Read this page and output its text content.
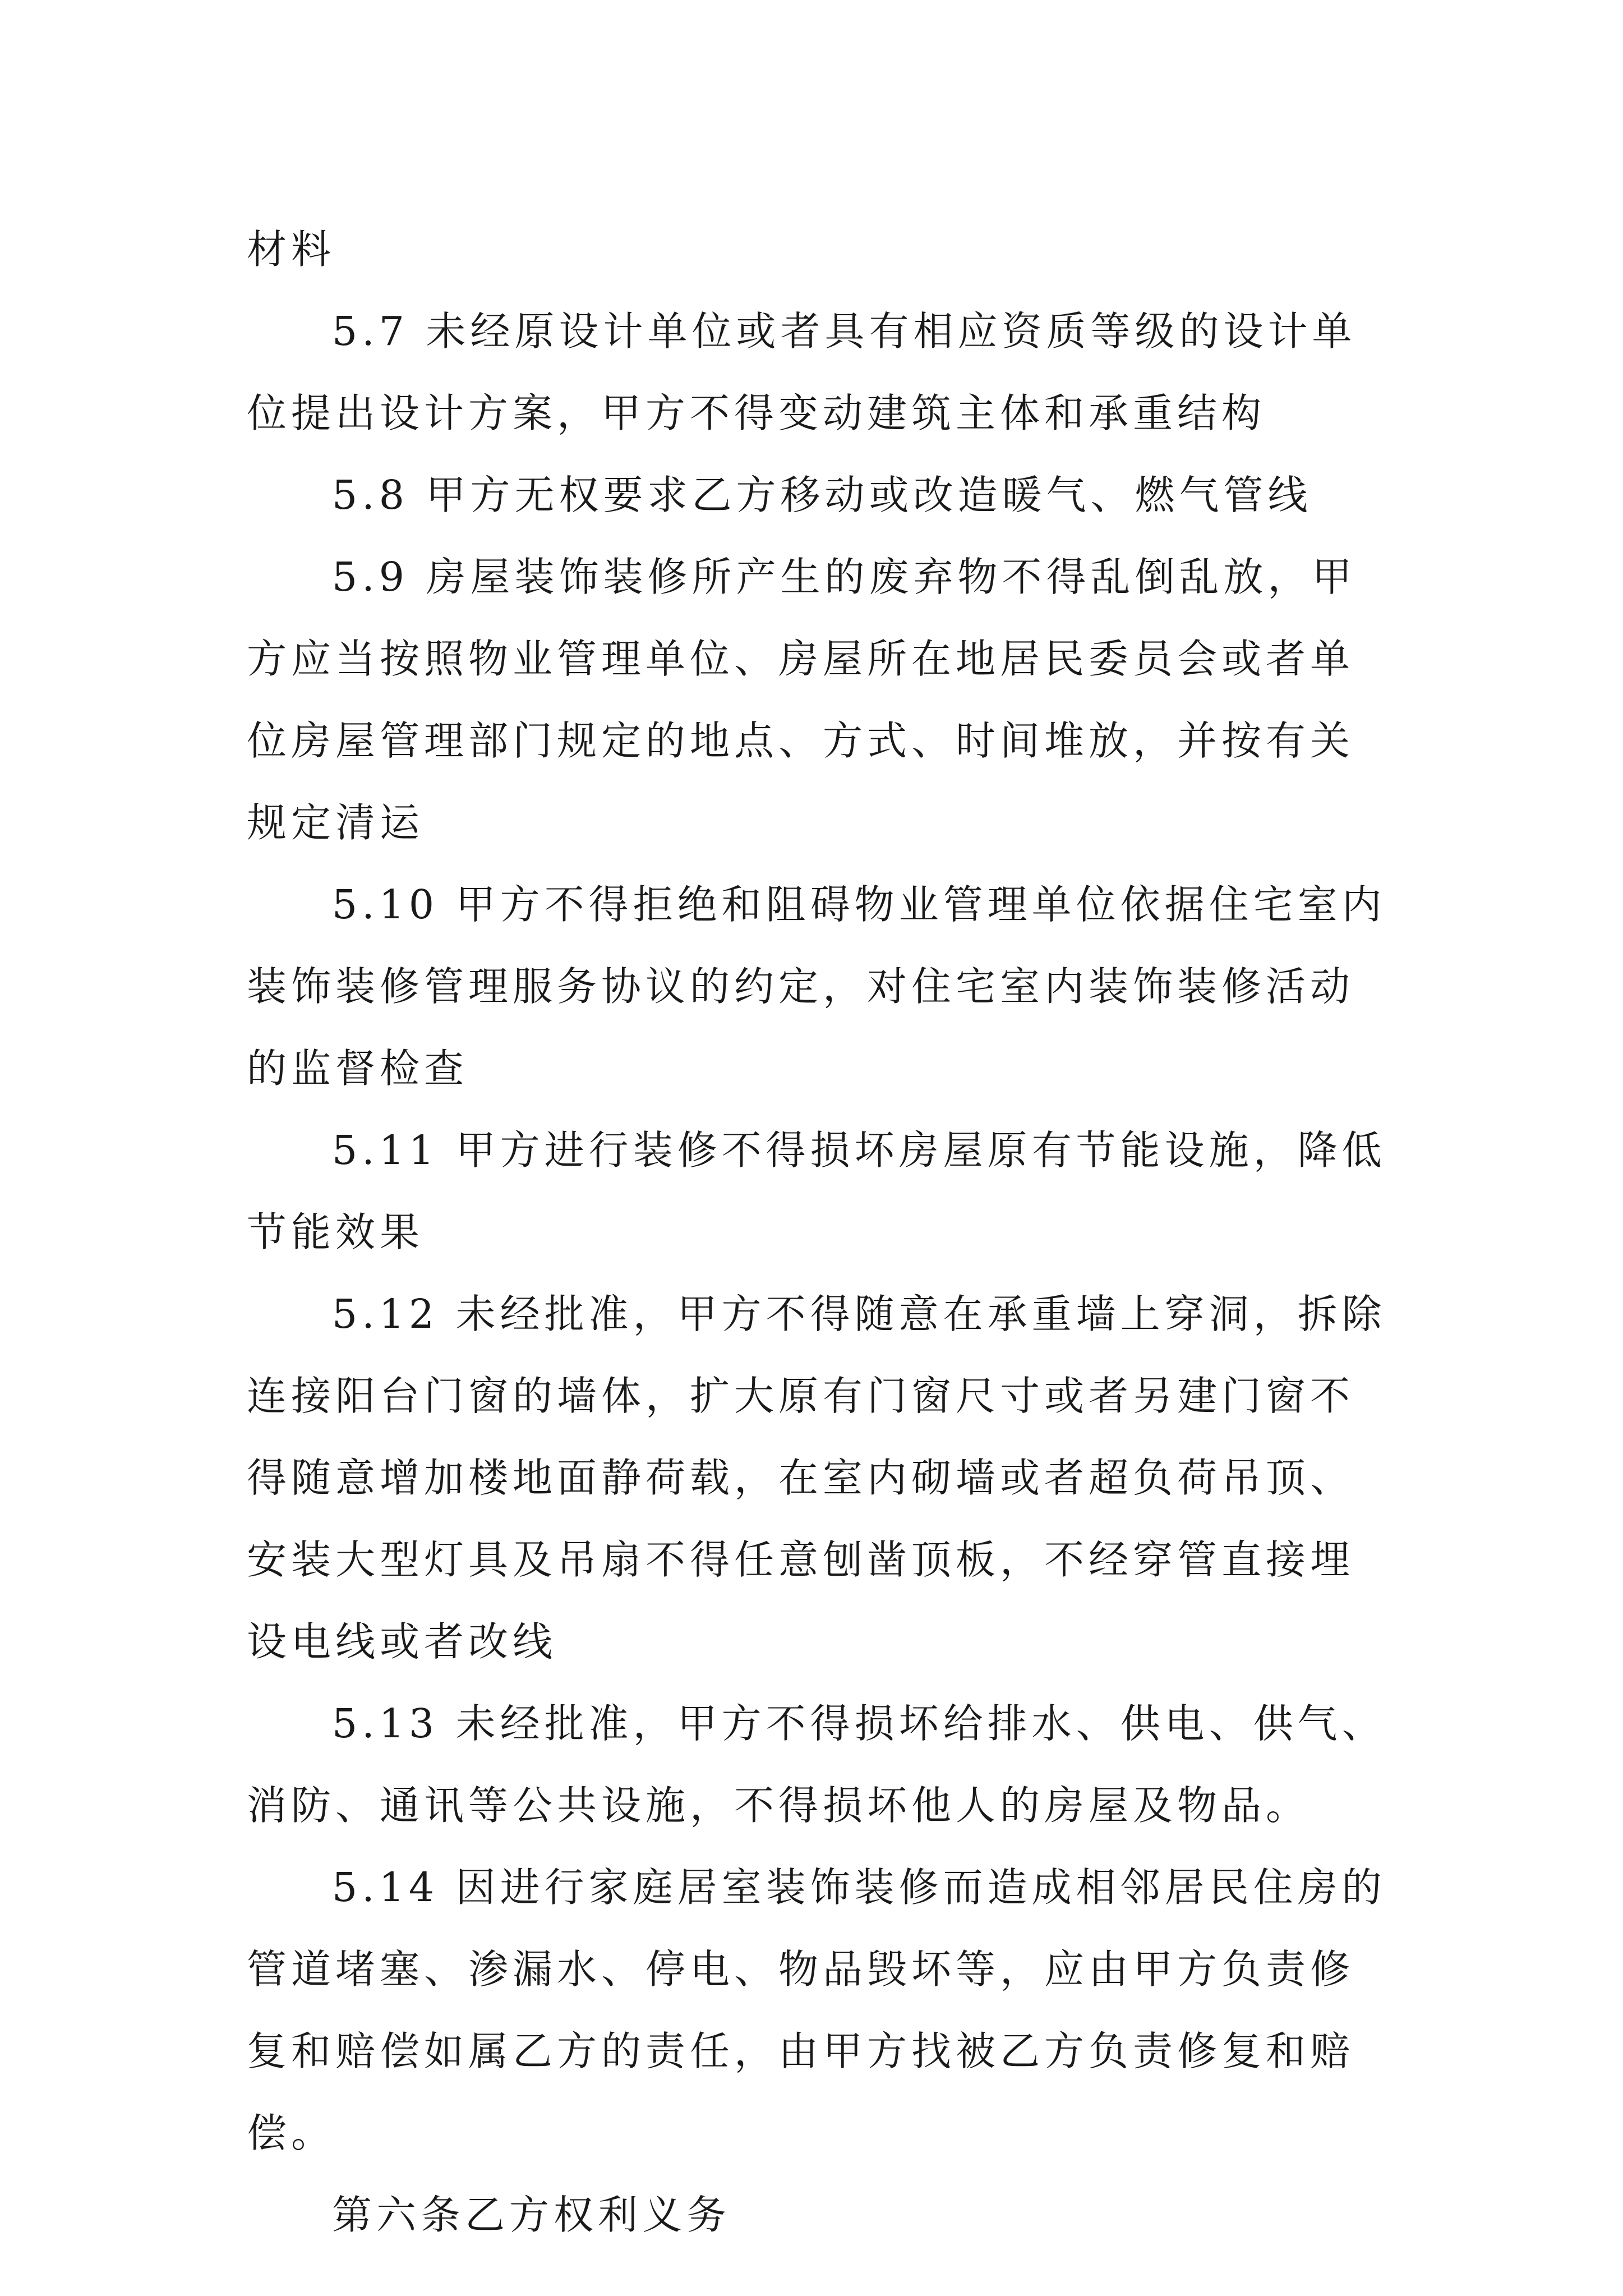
材料

5.7 未经原设计单位或者具有相应资质等级的设计单位提出设计方案，甲方不得变动建筑主体和承重结构

5.8 甲方无权要求乙方移动或改造暖气、燃气管线

5.9 房屋装饰装修所产生的废弃物不得乱倒乱放，甲方应当按照物业管理单位、房屋所在地居民委员会或者单位房屋管理部门规定的地点、方式、时间堆放，并按有关规定清运

5.10 甲方不得拒绝和阻碍物业管理单位依据住宅室内装饰装修管理服务协议的约定，对住宅室内装饰装修活动的监督检查

5.11 甲方进行装修不得损坏房屋原有节能设施，降低节能效果

5.12 未经批准，甲方不得随意在承重墙上穿洞，拆除连接阳台门窗的墙体，扩大原有门窗尺寸或者另建门窗不得随意增加楼地面静荷载，在室内砌墙或者超负荷吊顶、安装大型灯具及吊扇不得任意刨凿顶板，不经穿管直接埋设电线或者改线

5.13 未经批准，甲方不得损坏给排水、供电、供气、消防、通讯等公共设施，不得损坏他人的房屋及物品。

5.14 因进行家庭居室装饰装修而造成相邻居民住房的管道堵塞、渗漏水、停电、物品毁坏等，应由甲方负责修复和赔偿如属乙方的责任，由甲方找被乙方负责修复和赔偿。

第六条乙方权利义务
